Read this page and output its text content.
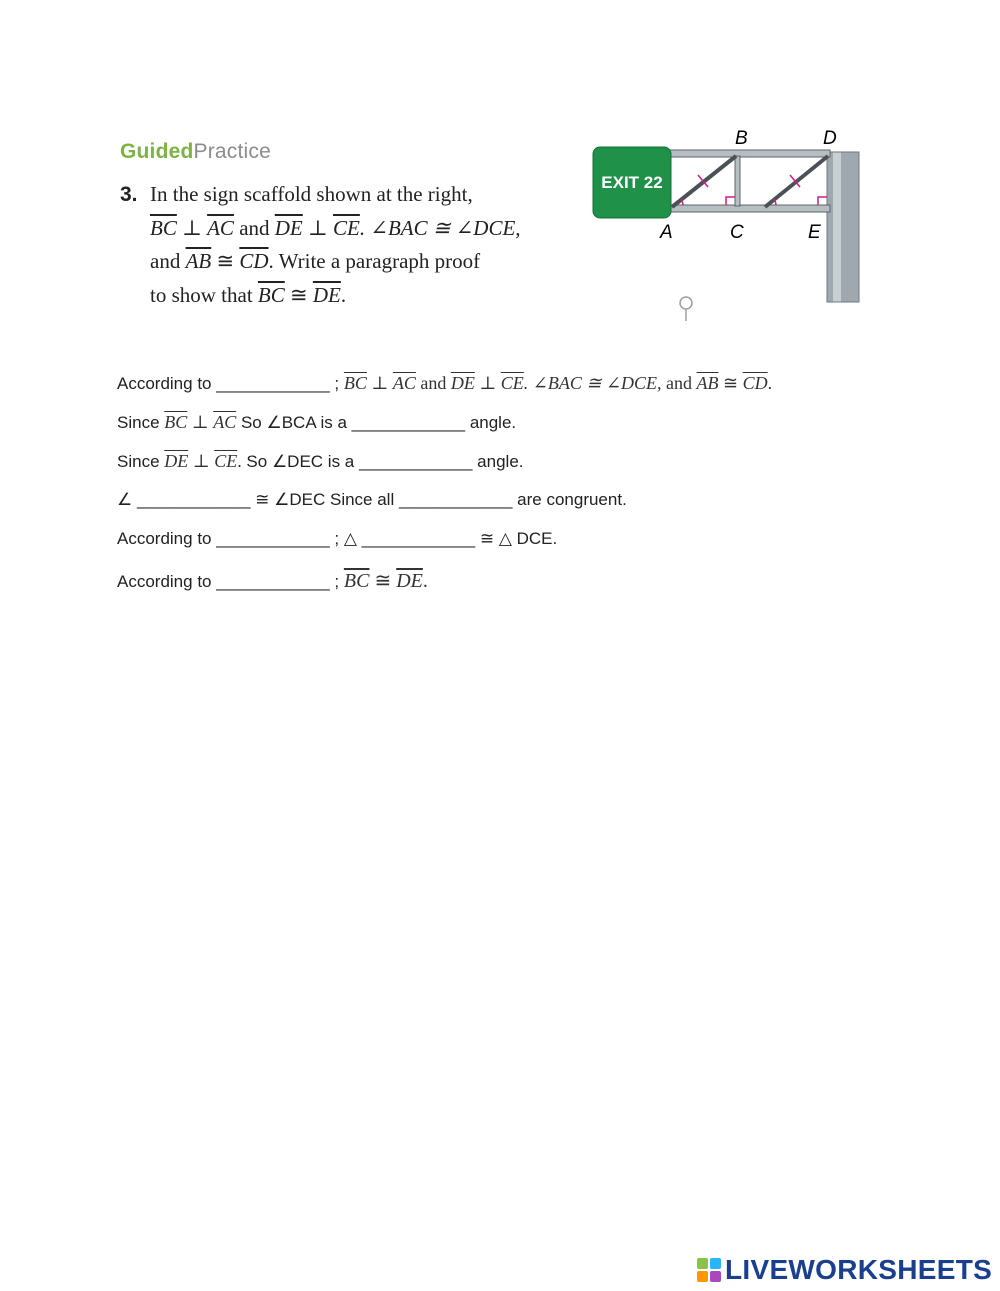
GuidedPractice
3. In the sign scaffold shown at the right,
$\overline{BC}$ ⊥ $\overline{AC}$ and $\overline{DE}$ ⊥ $\overline{CE}$. ∠BAC ≅ ∠DCE,
and $\overline{AB}$ ≅ $\overline{CD}$. Write a paragraph proof
to show that $\overline{BC}$ ≅ $\overline{DE}$.
EXIT 22
B	D
A	C	E
According to ____________ ; $\overline{BC}$ ⊥ $\overline{AC}$ and $\overline{DE}$ ⊥ $\overline{CE}$. ∠BAC ≅ ∠DCE, and $\overline{AB}$ ≅ $\overline{CD}$.
Since $\overline{BC}$ ⊥ $\overline{AC}$ So ∠BCA is a ____________ angle.
Since $\overline{DE}$ ⊥ $\overline{CE}$. So ∠DEC is a ____________ angle.
∠ ____________ ≅ ∠DEC Since all ____________ are congruent.
According to ____________ ; △ ____________ ≅ △ DCE.
According to ____________ ; $\overline{BC}$ ≅ $\overline{DE}$.
LIVEWORKSHEETS
